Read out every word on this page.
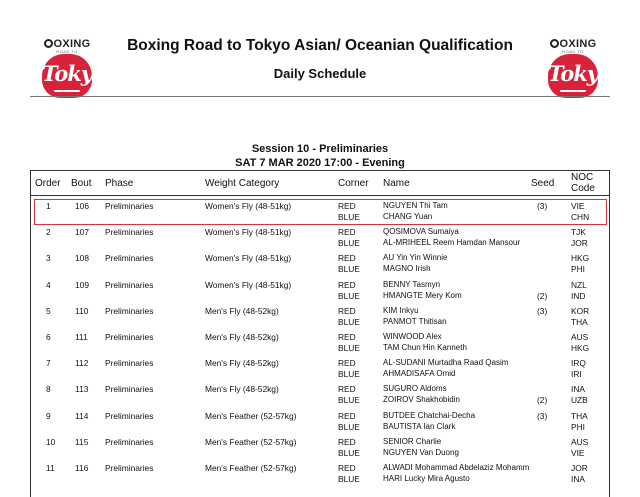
OXING
ROAD TO
Tokyo
OXING
ROAD TO
Tokyo
Boxing Road to Tokyo Asian/ Oceanian Qualification
Daily Schedule
Session 10 - Preliminaries
SAT 7 MAR 2020 17:00 - Evening
Order Bout Phase	Weight Category	Corner Name	Seed
NOC
Code
1	106 Preliminaries	Women's Fly (48-51kg)	RED	NGUYEN Thi Tam	(3)	VIE
BLUE	CHANG Yuan	CHN
2	107 Preliminaries	Women's Fly (48-51kg)	RED	QOSIMOVA Sumaiya	TJK
BLUE	AL-MRIHEEL Reem Hamdan Mansour	JOR
3	108 Preliminaries	Women's Fly (48-51kg)	RED	AU Yin Yin Winnie	HKG
BLUE	MAGNO Irish	PHI
4	109 Preliminaries	Women's Fly (48-51kg)	RED	BENNY Tasmyn	NZL
BLUE	HMANGTE Mery Kom	(2)	IND
5	110 Preliminaries	Men's Fly (48-52kg)	RED	KIM Inkyu	(3)	KOR
BLUE	PANMOT Thitisan	THA
6	111 Preliminaries	Men's Fly (48-52kg)	RED	WINWOOD Alex	AUS
BLUE	TAM Chun Hin Kanneth	HKG
7	112 Preliminaries	Men's Fly (48-52kg)	RED	AL-SUDANI Murtadha Raad Qasim	IRQ
BLUE	AHMADISAFA Omid	IRI
8	113 Preliminaries	Men's Fly (48-52kg)	RED	SUGURO Aldoms	INA
BLUE	ZOIROV Shakhobidin	(2)	UZB
9	114 Preliminaries	Men's Feather (52-57kg)	RED	BUTDEE Chatchai-Decha	(3)	THA
BLUE	BAUTISTA Ian Clark	PHI
10 115 Preliminaries	Men's Feather (52-57kg)	RED	SENIOR Charlie	AUS
BLUE	NGUYEN Van Duong	VIE
11 116 Preliminaries	Men's Feather (52-57kg)	RED	ALWADI Mohammad Abdelaziz Mohamm	JOR
BLUE	HARI Lucky Mira Agusto	INA
